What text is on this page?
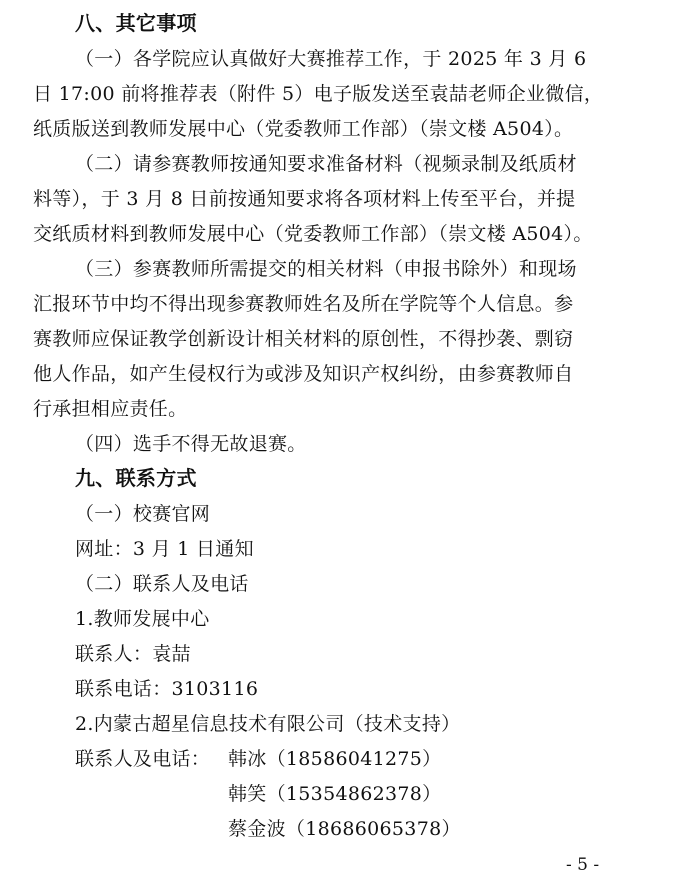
八、其它事项
（一）各学院应认真做好大赛推荐工作，于 2025 年 3 月 6
日 17:00 前将推荐表（附件 5）电子版发送至袁喆老师企业微信，
纸质版送到教师发展中心（党委教师工作部）（崇文楼 A504）。
（二）请参赛教师按通知要求准备材料（视频录制及纸质材
料等），于 3 月 8 日前按通知要求将各项材料上传至平台，并提
交纸质材料到教师发展中心（党委教师工作部）（崇文楼 A504）。
（三）参赛教师所需提交的相关材料（申报书除外）和现场
汇报环节中均不得出现参赛教师姓名及所在学院等个人信息。参
赛教师应保证教学创新设计相关材料的原创性，不得抄袭、剽窃
他人作品，如产生侵权行为或涉及知识产权纠纷，由参赛教师自
行承担相应责任。
（四）选手不得无故退赛。
九、联系方式
（一）校赛官网
网址：3 月 1 日通知
（二）联系人及电话
1.教师发展中心
联系人：袁喆
联系电话：3103116
2.内蒙古超星信息技术有限公司（技术支持）
联系人及电话： 韩冰（18586041275）
韩笑（15354862378）
蔡金波（18686065378）
- 5 -
